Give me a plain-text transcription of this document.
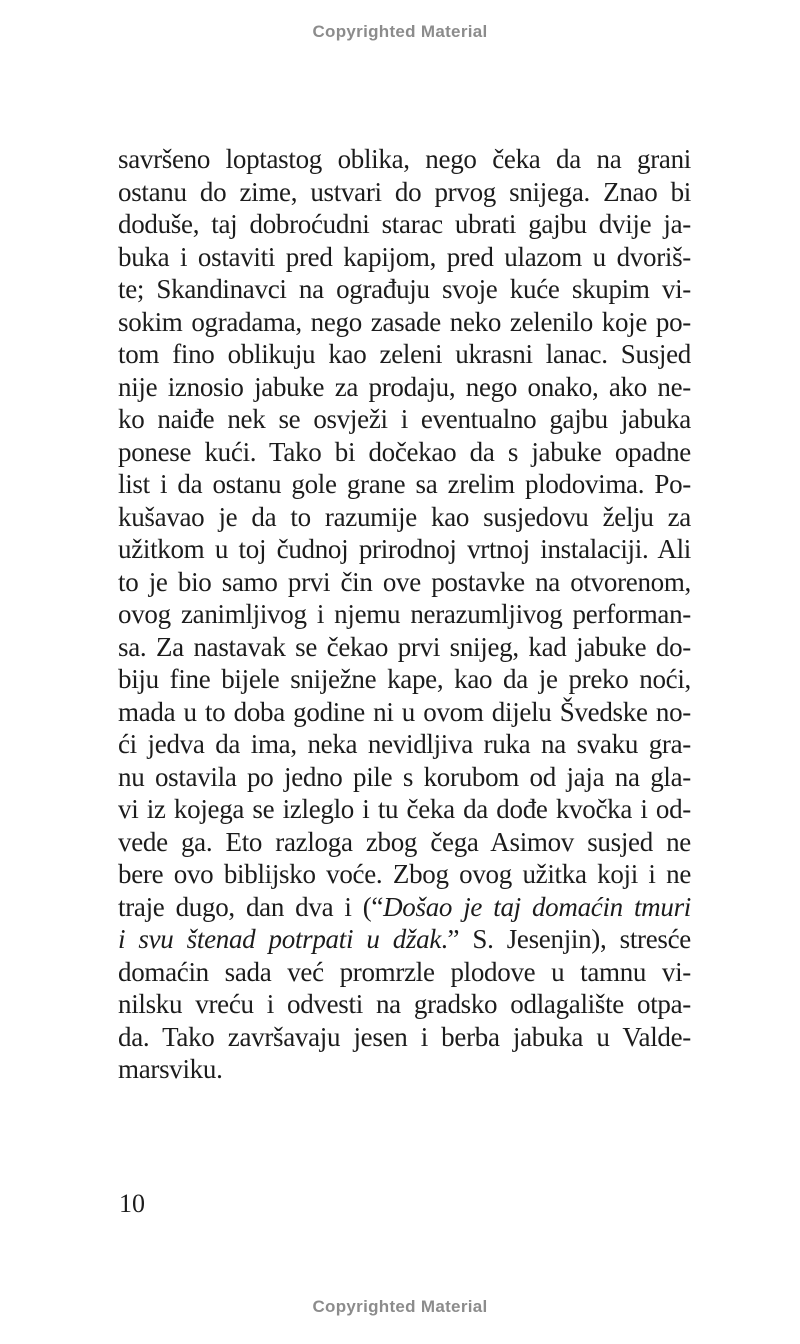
Copyrighted Material
savršeno loptastog oblika, nego čeka da na grani
ostanu do zime, ustvari do prvog snijega. Znao bi
doduše, taj dobroćudni starac ubrati gajbu dvije ja-
buka i ostaviti pred kapijom, pred ulazom u dvoriš-
te; Skandinavci na ograđuju svoje kuće skupim vi-
sokim ogradama, nego zasade neko zelenilo koje po-
tom fino oblikuju kao zeleni ukrasni lanac. Susjed
nije iznosio jabuke za prodaju, nego onako, ako ne-
ko naiđe nek se osvježi i eventualno gajbu jabuka
ponese kući. Tako bi dočekao da s jabuke opadne
list i da ostanu gole grane sa zrelim plodovima. Po-
kušavao je da to razumije kao susjedovu želju za
užitkom u toj čudnoj prirodnoj vrtnoj instalaciji. Ali
to je bio samo prvi čin ove postavke na otvorenom,
ovog zanimljivog i njemu nerazumljivog performan-
sa. Za nastavak se čekao prvi snijeg, kad jabuke do-
biju fine bijele sniježne kape, kao da je preko noći,
mada u to doba godine ni u ovom dijelu Švedske no-
ći jedva da ima, neka nevidljiva ruka na svaku gra-
nu ostavila po jedno pile s korubom od jaja na gla-
vi iz kojega se izleglo i tu čeka da dođe kvočka i od-
vede ga. Eto razloga zbog čega Asimov susjed ne
bere ovo biblijsko voće. Zbog ovog užitka koji i ne
traje dugo, dan dva i (“Došao je taj domaćin tmuri
i svu štenad potrpati u džak.” S. Jesenjin), stresće
domaćin sada već promrzle plodove u tamnu vi-
nilsku vreću i odvesti na gradsko odlagalište otpa-
da. Tako završavaju jesen i berba jabuka u Valde-
marsviku.
10
Copyrighted Material
